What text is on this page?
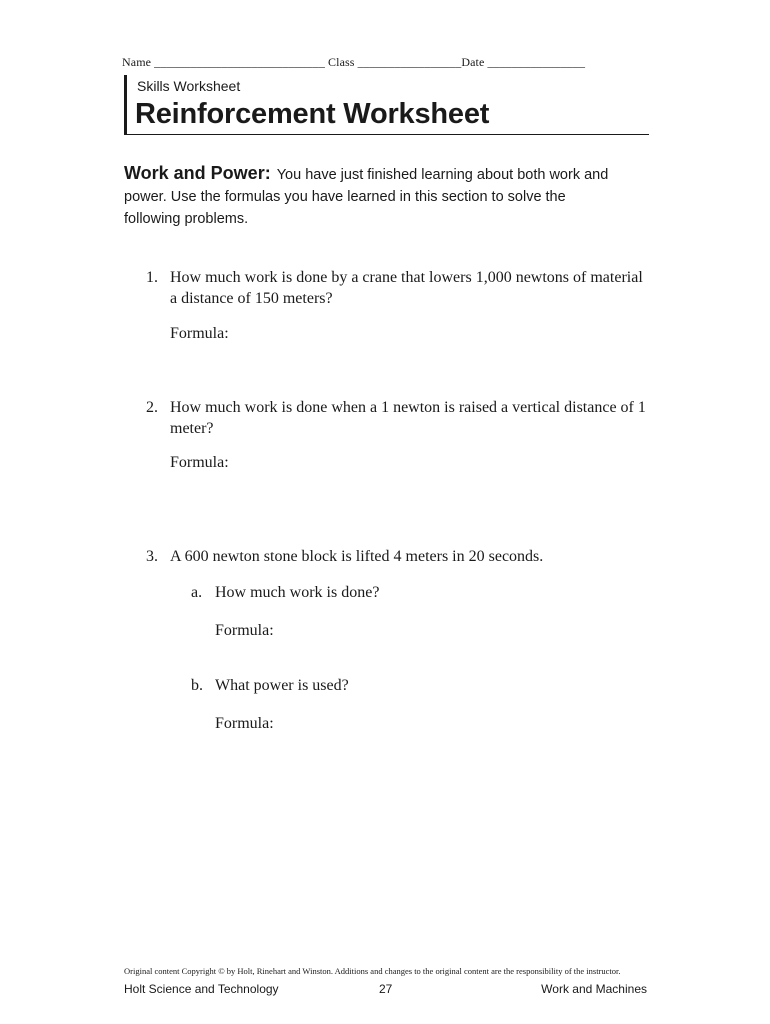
Name ____________________________ Class _________________Date ________________
Skills Worksheet
Reinforcement Worksheet
Work and Power: You have just finished learning about both work and
power. Use the formulas you have learned in this section to solve the
following problems.
1. How much work is done by a crane that lowers 1,000 newtons of material
a distance of 150 meters?
Formula:
2. How much work is done when a 1 newton is raised a vertical distance of 1
meter?
Formula:
3. A 600 newton stone block is lifted 4 meters in 20 seconds.
a. How much work is done?
Formula:
b. What power is used?
Formula:
Original content Copyright © by Holt, Rinehart and Winston. Additions and changes to the original content are the responsibility of the instructor.
Holt Science and Technology	27	Work and Machines
